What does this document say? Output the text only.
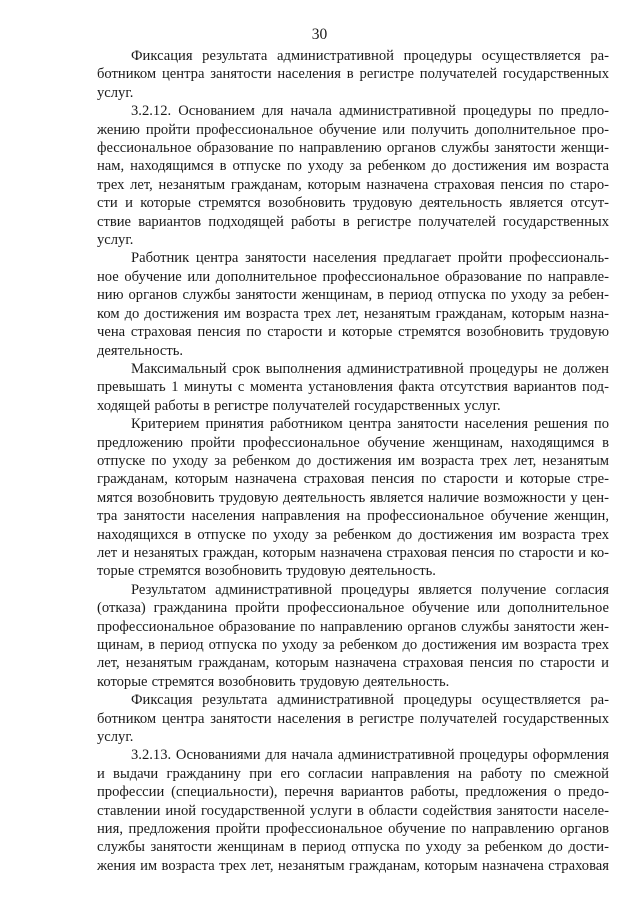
30

Фиксация результата административной процедуры осуществляется работником центра занятости населения в регистре получателей государственных услуг.

3.2.12. Основанием для начала административной процедуры по предложению пройти профессиональное обучение или получить дополнительное профессиональное образование по направлению органов службы занятости женщинам, находящимся в отпуске по уходу за ребенком до достижения им возраста трех лет, незанятым гражданам, которым назначена страховая пенсия по старости и которые стремятся возобновить трудовую деятельность является отсутствие вариантов подходящей работы в регистре получателей государственных услуг.

Работник центра занятости населения предлагает пройти профессиональное обучение или дополнительное профессиональное образование по направлению органов службы занятости женщинам, в период отпуска по уходу за ребенком до достижения им возраста трех лет, незанятым гражданам, которым назначена страховая пенсия по старости и которые стремятся возобновить трудовую деятельность.

Максимальный срок выполнения административной процедуры не должен превышать 1 минуты с момента установления факта отсутствия вариантов подходящей работы в регистре получателей государственных услуг.

Критерием принятия работником центра занятости населения решения по предложению пройти профессиональное обучение женщинам, находящимся в отпуске по уходу за ребенком до достижения им возраста трех лет, незанятым гражданам, которым назначена страховая пенсия по старости и которые стремятся возобновить трудовую деятельность является наличие возможности у центра занятости населения направления на профессиональное обучение женщин, находящихся в отпуске по уходу за ребенком до достижения им возраста трех лет и незанятых граждан, которым назначена страховая пенсия по старости и которые стремятся возобновить трудовую деятельность.

Результатом административной процедуры является получение согласия (отказа) гражданина пройти профессиональное обучение или дополнительное профессиональное образование по направлению органов службы занятости женщинам, в период отпуска по уходу за ребенком до достижения им возраста трех лет, незанятым гражданам, которым назначена страховая пенсия по старости и которые стремятся возобновить трудовую деятельность.

Фиксация результата административной процедуры осуществляется работником центра занятости населения в регистре получателей государственных услуг.

3.2.13. Основаниями для начала административной процедуры оформления и выдачи гражданину при его согласии направления на работу по смежной профессии (специальности), перечня вариантов работы, предложения о предоставлении иной государственной услуги в области содействия занятости населения, предложения пройти профессиональное обучение по направлению органов службы занятости женщинам в период отпуска по уходу за ребенком до достижения им возраста трех лет, незанятым гражданам, которым назначена страховая
